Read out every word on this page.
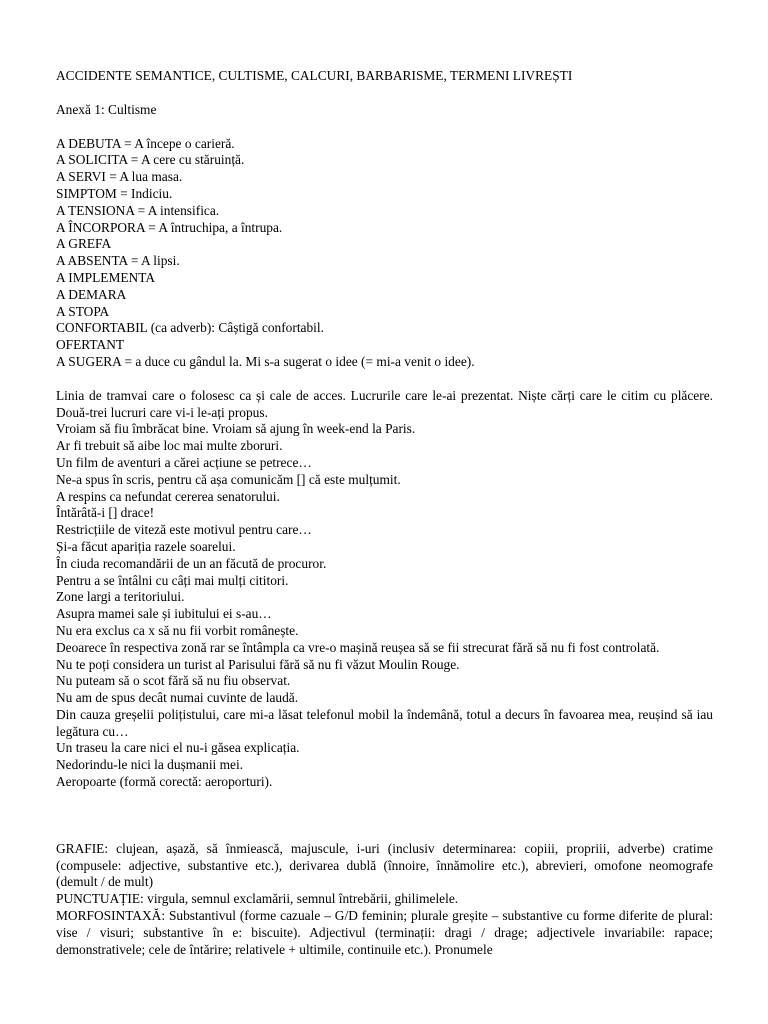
ACCIDENTE SEMANTICE, CULTISME, CALCURI, BARBARISME, TERMENI LIVREȘTI
Anexă 1: Cultisme
A DEBUTA = A începe o carieră.
A SOLICITA = A cere cu stăruință.
A SERVI = A lua masa.
SIMPTOM = Indiciu.
A TENSIONA = A intensifica.
A ÎNCORPORA = A întruchipa, a întrupa.
A GREFA
A ABSENTA = A lipsi.
A IMPLEMENTA
A DEMARA
A STOPA
CONFORTABIL (ca adverb): Câștigă confortabil.
OFERTANT
A SUGERA = a duce cu gândul la. Mi s-a sugerat o idee (= mi-a venit o idee).
Linia de tramvai care o folosesc ca și cale de acces. Lucrurile care le-ai prezentat. Niște cărți care le citim cu plăcere. Două-trei lucruri care vi-i le-ați propus.
Vroiam să fiu îmbrăcat bine. Vroiam să ajung în week-end la Paris.
Ar fi trebuit să aibe loc mai multe zboruri.
Un film de aventuri a cărei acțiune se petrece…
Ne-a spus în scris, pentru că așa comunicăm [] că este mulțumit.
A respins ca nefundat cererea senatorului.
Întărâtă-i [] drace!
Restricțiile de viteză este motivul pentru care…
Și-a făcut apariția razele soarelui.
În ciuda recomandării de un an făcută de procuror.
Pentru a se întâlni cu câți mai mulți cititori.
Zone largi a teritoriului.
Asupra mamei sale și iubitului ei s-au…
Nu era exclus ca x să nu fii vorbit românește.
Deoarece în respectiva zonă rar se întâmpla ca vre-o mașină reușea să se fii strecurat fără să nu fi fost controlată.
Nu te poți considera un turist al Parisului fără să nu fi văzut Moulin Rouge.
Nu puteam să o scot fără să nu fiu observat.
Nu am de spus decât numai cuvinte de laudă.
Din cauza greșelii polițistului, care mi-a lăsat telefonul mobil la îndemână, totul a decurs în favoarea mea, reușind să iau legătura cu…
Un traseu la care nici el nu-i găsea explicația.
Nedorindu-le nici la dușmanii mei.
Aeropoarte (formă corectă: aeroporturi).

GRAFIE: clujean, așază, să înmiească, majuscule, i-uri (inclusiv determinarea: copiii, propriii, adverbe) cratime (compusele: adjective, substantive etc.), derivarea dublă (înnoire, înnămolire etc.), abrevieri, omofone neomografe (demult / de mult)

PUNCTUAȚIE: virgula, semnul exclamării, semnul întrebării, ghilimelele.

MORFOSINTAXĂ: Substantivul (forme cazuale – G/D feminin; plurale greșite – substantive cu forme diferite de plural: vise / visuri; substantive în e: biscuite). Adjectivul (terminații: dragi / drage; adjectivele invariabile: rapace; demonstrativele; cele de întărire; relativele + ultimile, continuile etc.). Pronumele
